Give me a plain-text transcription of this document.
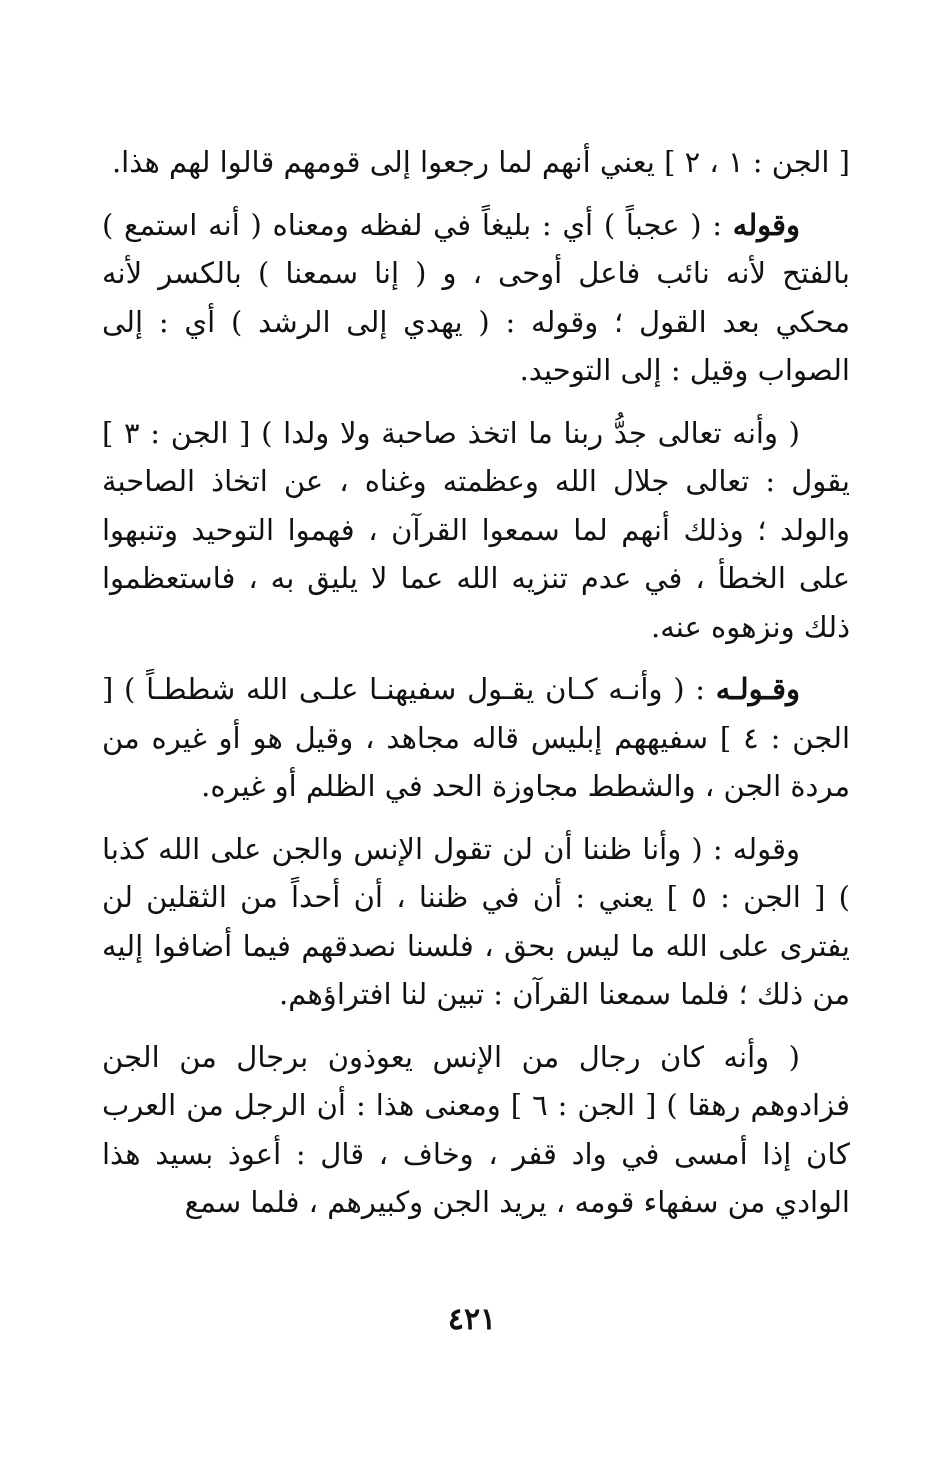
[ الجن : ١ ، ٢ ] يعني أنهم لما رجعوا إلى قومهم قالوا لهم هذا.

وقوله : ( عجباً ) أي : بليغاً في لفظه ومعناه ( أنه استمع ) بالفتح لأنه نائب فاعل أوحى ، و ( إنا سمعنا ) بالكسر لأنه محكي بعد القول ؛ وقوله : ( يهدي إلى الرشد ) أي : إلى الصواب وقيل : إلى التوحيد.

( وأنه تعالى جدُّ ربنا ما اتخذ صاحبة ولا ولدا ) [ الجن : ٣ ] يقول : تعالى جلال الله وعظمته وغناه ، عن اتخاذ الصاحبة والولد ؛ وذلك أنهم لما سمعوا القرآن ، فهموا التوحيد وتنبهوا على الخطأ ، في عدم تنزيه الله عما لا يليق به ، فاستعظموا ذلك ونزهوه عنه.

وقـولـه : ( وأنـه كـان يقـول سفيهنـا علـى الله شططـاً ) [ الجن : ٤ ] سفيههم إبليس قاله مجاهد ، وقيل هو أو غيره من مردة الجن ، والشطط مجاوزة الحد في الظلم أو غيره.

وقوله : ( وأنا ظننا أن لن تقول الإنس والجن على الله كذبا ) [ الجن : ٥ ] يعني : أن في ظننا ، أن أحداً من الثقلين لن يفترى على الله ما ليس بحق ، فلسنا نصدقهم فيما أضافوا إليه من ذلك ؛ فلما سمعنا القرآن : تبين لنا افتراؤهم.

( وأنه كان رجال من الإنس يعوذون برجال من الجن فزادوهم رهقا ) [ الجن : ٦ ] ومعنى هذا : أن الرجل من العرب كان إذا أمسى في واد قفر ، وخاف ، قال : أعوذ بسيد هذا الوادي من سفهاء قومه ، يريد الجن وكبيرهم ، فلما سمع

٤٢١
